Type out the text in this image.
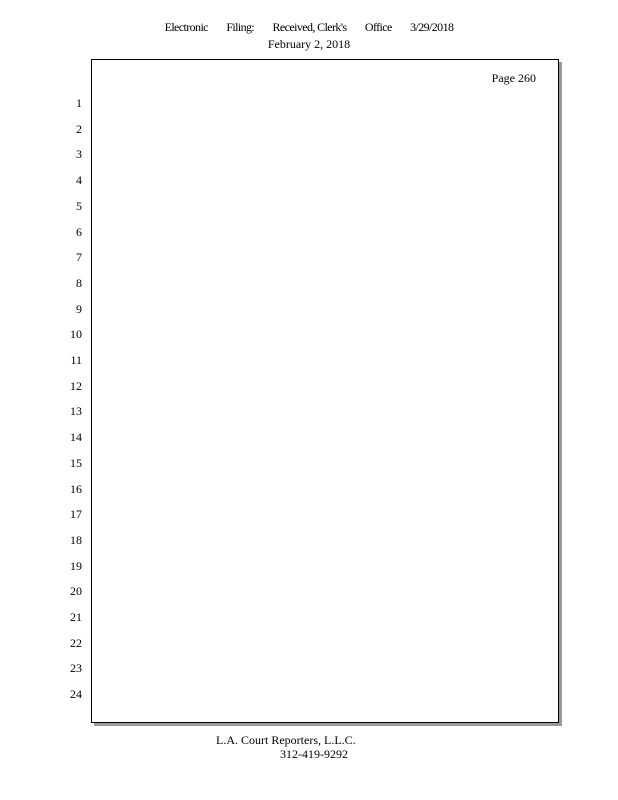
Electronic Filing: Received, Clerk's Office 3/29/2018
February 2, 2018
1
2
3
4
5
6
7
8
9
10
11
12
13
14
15
16
17
18
19
20
21
22
23
24
Page 260
L.A. Court Reporters, L.L.C.
312-419-9292
